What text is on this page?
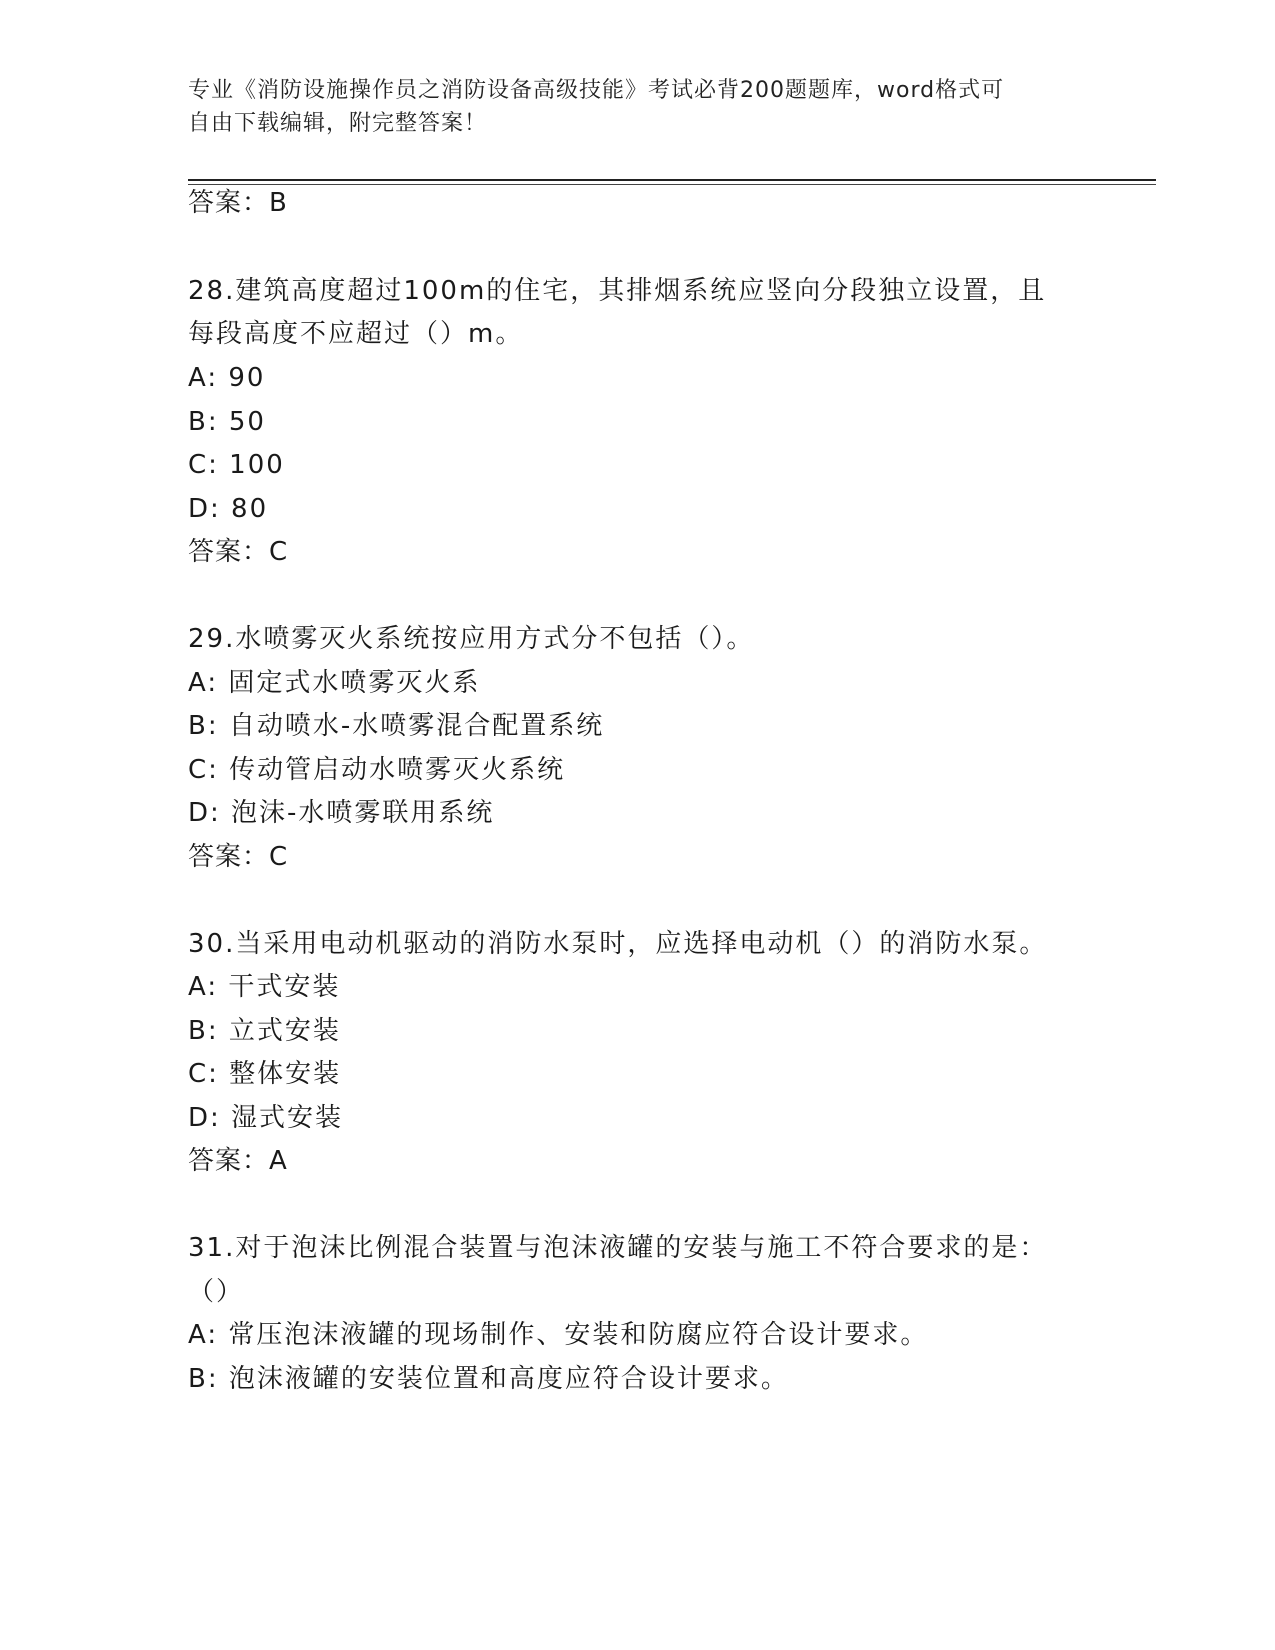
专业《消防设施操作员之消防设备高级技能》考试必背200题题库，word格式可
自由下载编辑，附完整答案！
答案：B
28.建筑高度超过100m的住宅，其排烟系统应竖向分段独立设置，且
每段高度不应超过（）m。
A: 90
B: 50
C: 100
D: 80
答案：C
29.水喷雾灭火系统按应用方式分不包括（）。
A: 固定式水喷雾灭火系
B: 自动喷水-水喷雾混合配置系统
C: 传动管启动水喷雾灭火系统
D: 泡沫-水喷雾联用系统
答案：C
30.当采用电动机驱动的消防水泵时，应选择电动机（）的消防水泵。
A: 干式安装
B: 立式安装
C: 整体安装
D: 湿式安装
答案：A
31.对于泡沫比例混合装置与泡沫液罐的安装与施工不符合要求的是：
（）
A: 常压泡沫液罐的现场制作、安装和防腐应符合设计要求。
B: 泡沫液罐的安装位置和高度应符合设计要求。
